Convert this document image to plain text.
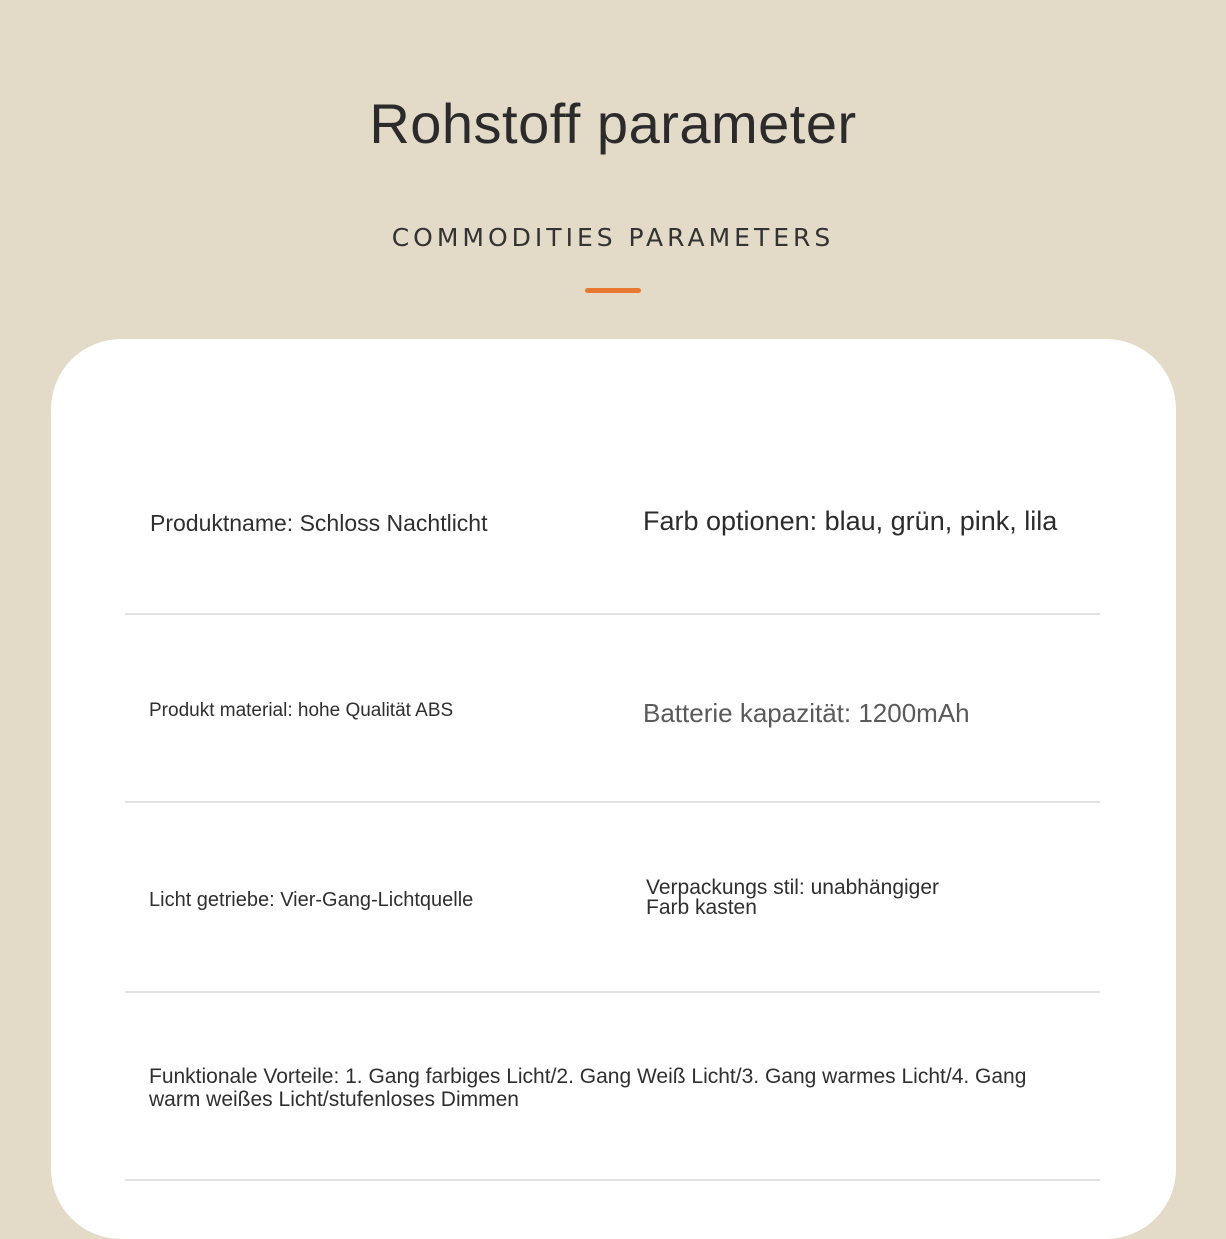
Rohstoff parameter
COMMODITIES PARAMETERS
Produktname: Schloss Nachtlicht	Farb optionen: blau, grün, pink, lila
Produkt material: hohe Qualität ABS	Batterie kapazität: 1200mAh
Licht getriebe: Vier-Gang-Lichtquelle
Verpackungs stil: unabhängiger
Farb kasten
Funktionale Vorteile: 1. Gang farbiges Licht/2. Gang Weiß Licht/3. Gang warmes Licht/4. Gang
warm weißes Licht/stufenloses Dimmen
